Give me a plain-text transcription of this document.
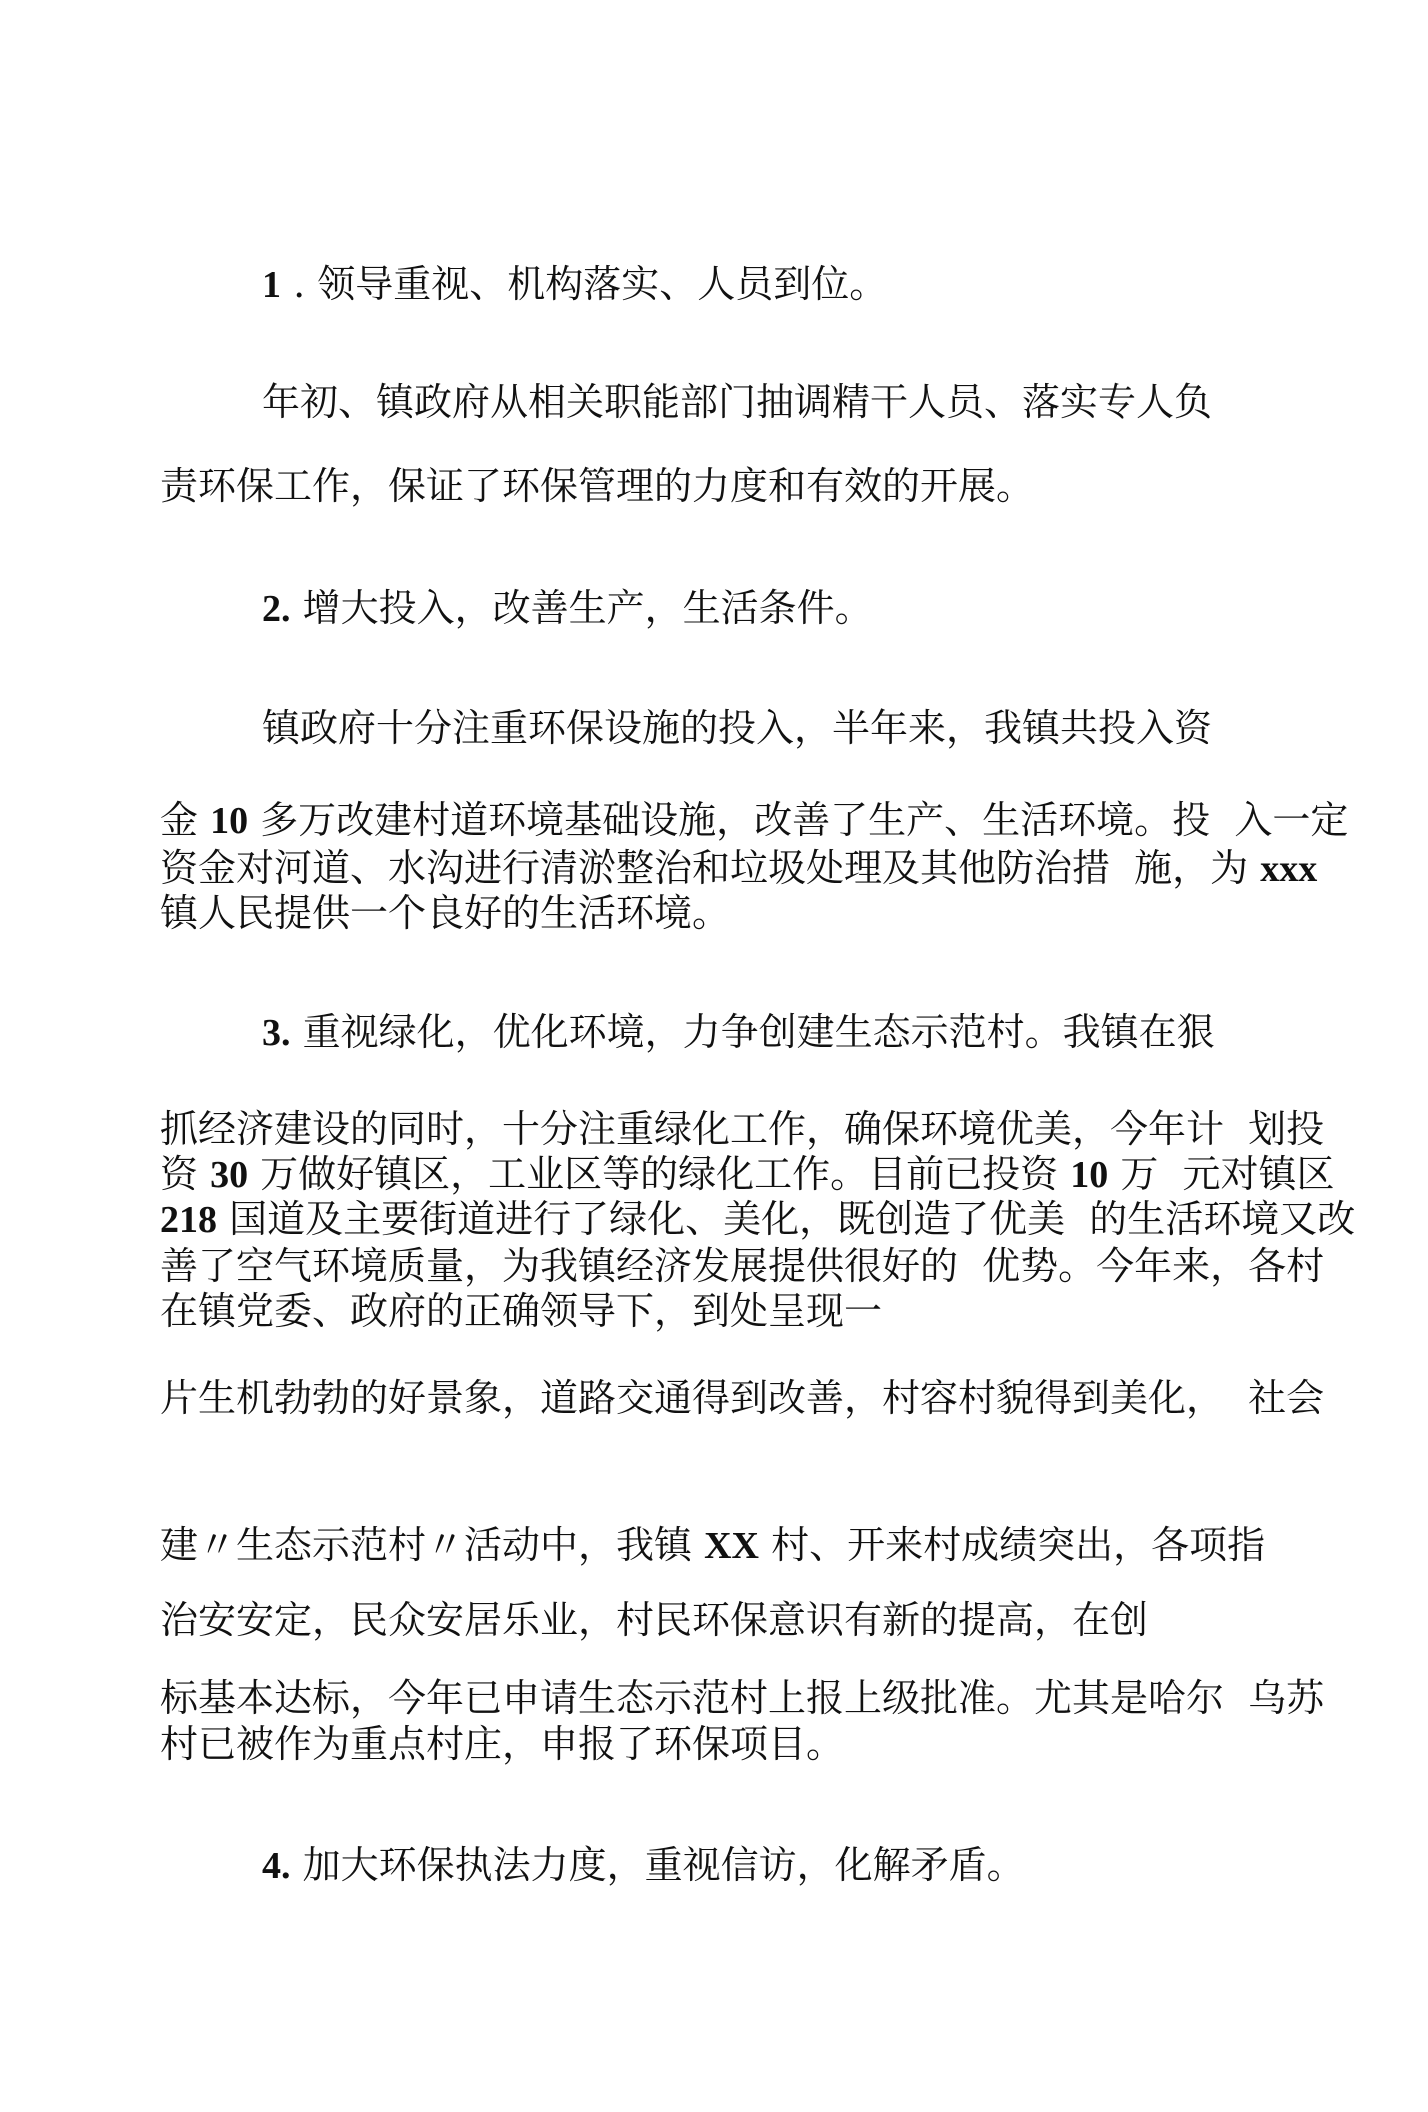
1 . 领导重视、机构落实、人员到位。
年初、镇政府从相关职能部门抽调精干人员、落实专人负
责环保工作，保证了环保管理的力度和有效的开展。
2. 增大投入，改善生产，生活条件。
镇政府十分注重环保设施的投入，半年来，我镇共投入资
金 10 多万改建村道环境基础设施，改善了生产、生活环境。投  入一定
资金对河道、水沟进行清淤整治和垃圾处理及其他防治措  施，为 xxx
镇人民提供一个良好的生活环境。
3. 重视绿化，优化环境，力争创建生态示范村。我镇在狠
抓经济建设的同时，十分注重绿化工作，确保环境优美，今年计  划投
资 30 万做好镇区，工业区等的绿化工作。目前已投资 10 万  元对镇区
218 国道及主要街道进行了绿化、美化，既创造了优美  的生活环境又改
善了空气环境质量，为我镇经济发展提供很好的  优势。今年来，各村
在镇党委、政府的正确领导下，到处呈现一
片生机勃勃的好景象，道路交通得到改善，村容村貌得到美化，  社会
建〃生态示范村〃活动中，我镇 XX 村、开来村成绩突出，各项指
治安安定，民众安居乐业，村民环保意识有新的提高，在创
标基本达标，今年已申请生态示范村上报上级批准。尤其是哈尔  乌苏
村已被作为重点村庄，申报了环保项目。
4. 加大环保执法力度，重视信访，化解矛盾。
